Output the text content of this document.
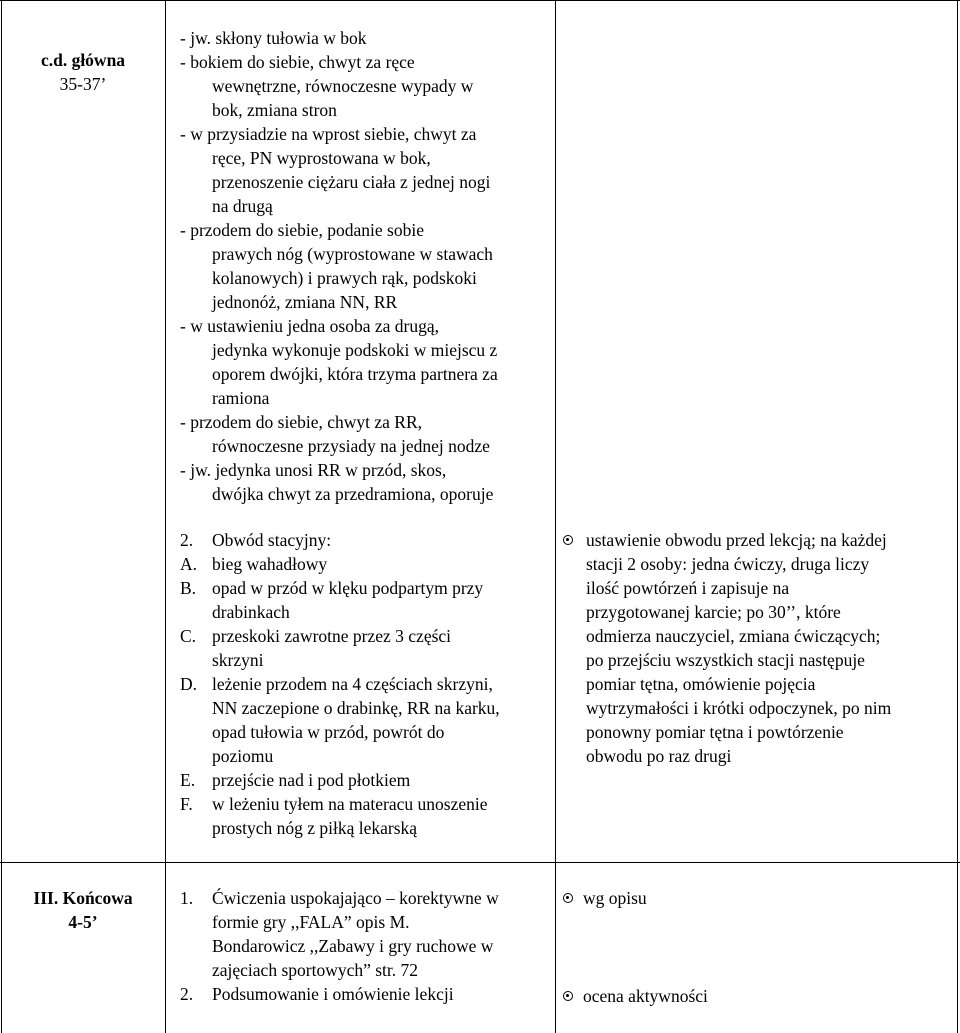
c.d. główna
35-37’
- jw. skłony tułowia w bok
- bokiem do siebie, chwyt za ręce
wewnętrzne, równoczesne wypady w
bok, zmiana stron
- w przysiadzie na wprost siebie, chwyt za
ręce, PN wyprostowana w bok,
przenoszenie ciężaru ciała z jednej nogi
na drugą
- przodem do siebie, podanie sobie
prawych nóg (wyprostowane w stawach
kolanowych) i prawych rąk, podskoki
jednonóż, zmiana NN, RR
- w ustawieniu jedna osoba za drugą,
jedynka wykonuje podskoki w miejscu z
oporem dwójki, która trzyma partnera za
ramiona
- przodem do siebie, chwyt za RR,
równoczesne przysiady na jednej nodze
- jw. jedynka unosi RR w przód, skos,
dwójka chwyt za przedramiona, oporuje
2. Obwód stacyjny:
A. bieg wahadłowy
B. opad w przód w klęku podpartym przy
drabinkach
C. przeskoki zawrotne przez 3 części
skrzyni
D. leżenie przodem na 4 częściach skrzyni,
NN zaczepione o drabinkę, RR na karku,
opad tułowia w przód, powrót do
poziomu
E. przejście nad i pod płotkiem
F. w leżeniu tyłem na materacu unoszenie
prostych nóg z piłką lekarską
ustawienie obwodu przed lekcją; na każdej
stacji 2 osoby: jedna ćwiczy, druga liczy
ilość powtórzeń i zapisuje na
przygotowanej karcie; po 30’’, które
odmierza nauczyciel, zmiana ćwiczących;
po przejściu wszystkich stacji następuje
pomiar tętna, omówienie pojęcia
wytrzymałości i krótki odpoczynek, po nim
ponowny pomiar tętna i powtórzenie
obwodu po raz drugi
III. Końcowa
4-5’
1. Ćwiczenia uspokajająco – korektywne w
formie gry ,,FALA” opis M.
Bondarowicz ,,Zabawy i gry ruchowe w
zajęciach sportowych” str. 72
2. Podsumowanie i omówienie lekcji
wg opisu
ocena aktywności
